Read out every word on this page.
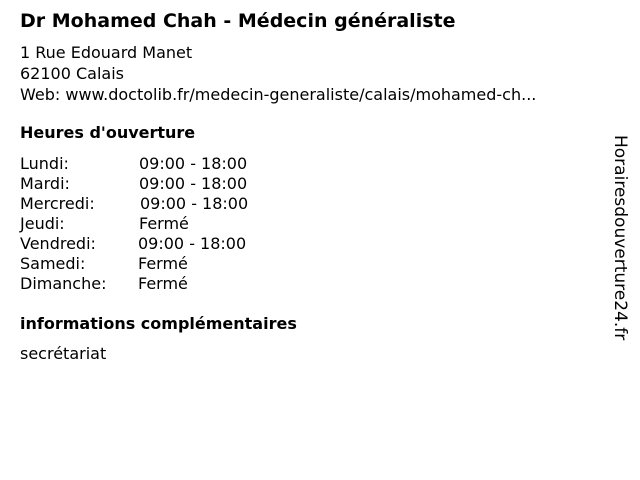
Dr Mohamed Chah - Médecin généraliste
1 Rue Edouard Manet
62100 Calais
Web: www.doctolib.fr/medecin-generaliste/calais/mohamed-ch...
Heures d'ouverture
Lundi:	09:00 - 18:00
Mardi:	09:00 - 18:00
Mercredi:	09:00 - 18:00
Jeudi:	Fermé
Vendredi:	09:00 - 18:00
Samedi:	Fermé
Dimanche: Fermé
informations complémentaires
secrétariat
Horairesdouverture24.fr
